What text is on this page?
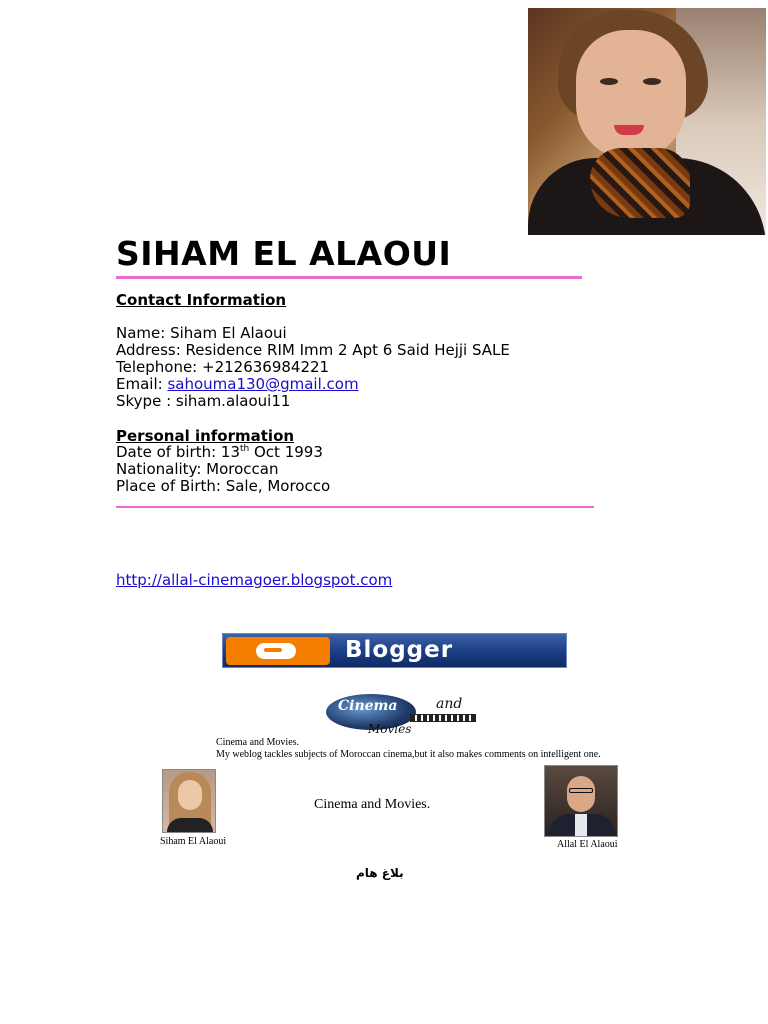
SIHAM EL ALAOUI
Contact Information
Name: Siham El Alaoui
Address: Residence RIM Imm 2 Apt 6 Said Hejji SALE
Telephone: +212636984221
Email: sahouma130@gmail.com
Skype : siham.alaoui11
Personal information
Date of birth: 13th Oct 1993
Nationality: Moroccan
Place of Birth: Sale, Morocco
http://allal-cinemagoer.blogspot.com
Blogger
Cinema	and
Movies
Cinema and Movies.
My weblog tackles subjects of Moroccan cinema,but it also makes comments on intelligent one.
Siham El Alaoui
Cinema and Movies.
Allal El Alaoui
بلاغ هام
